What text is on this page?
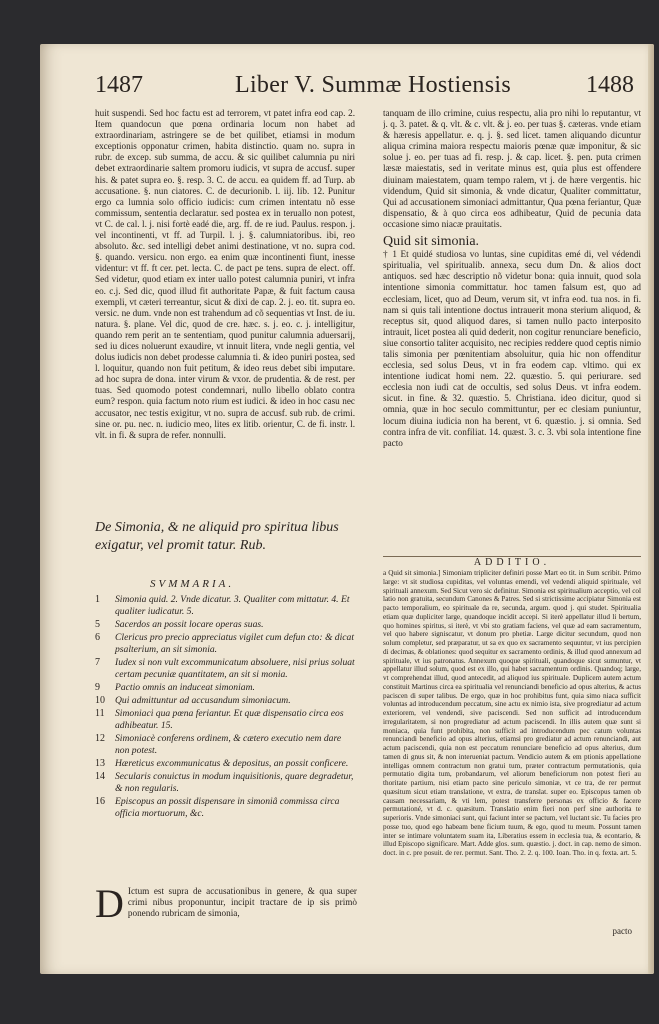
1487	Liber V. Summæ Hostiensis	1488

huit suspendi. Sed hoc factu est ad terrorem, vt patet infra eod cap. 2. Item quandocun que pœna ordinaria locum non habet ad extraordinariam, astringere se de bet quilibet, etiamsi in modum exceptionis opponatur crimen, habita distinctio. quam no. supra in rubr. de excep. sub summa, de accu. & sic quilibet calumnia pu niri debet extraordinarie saltem promoru iudicis, vt supra de accusf. super his. & patet supra eo. §. resp. 3. C. de accu. ea quidem ff. ad Turp. ab accusatione. §. nun ciatores. C. de decurionib. l. iij. lib. 12. Punitur ergo ca lumnia solo officio iudicis: cum crimen intentatu nõ esse commissum, sententia declaratur. sed postea ex in teruallo non potest, vt C. de cal. l. j. nisi fortè eadé die, arg. ff. de re iud. Paulus. respon. j. vel incontinenti, vt ff. ad Turpil. l. j. §. calumniatoribus. ibi, reo absoluto. &c. sed intelligi debet animi destinatione, vt no. supra cod. §. quando. versicu. non ergo. ea enim quæ incontinenti fiunt, inesse videntur: vt ff. ft cer. pet. lecta. C. de pact pe tens. supra de elect. off. Sed videtur, quod etiam ex inter uallo potest calumnia puniri, vt infra eo. c.j. Sed dic, quod illud fit authoritate Papæ, & fuit factum causa exempli, vt cæteri terreantur, sicut & dixi de cap. 2. j. eo. tit. supra eo. versic. ne dum. vnde non est trahendum ad cõ sequentias vt Inst. de iu. natura. §. plane. Vel dic, quod de cre. hæc. s. j. eo. c. j. intelligitur, quando rem perit an te sententiam, quod punitur calumnia aduersarij, sed iu dices noluerunt exaudire, vt innuit litera, vnde negli gentia, vel dolus iudicis non debet prodesse calumnia ti. & ideo puniri postea, sed l. loquitur, quando non fuit petitum, & ideo reus debet sibi imputare. ad hoc supra de dona. inter virum & vxor. de prudentia. & de rest. per tuas. Sed quomodo potest condemnari, nullo libello oblato contra eum? respon. quia factum noto rium est iudici. & ideo in hoc casu nec accusator, nec testis exigitur, vt no. supra de accusf. sub rub. de crimi. sine or. pu. nec. n. iudicio meo, lites ex litib. orientur, C. de fi. instr. l. vlt. in fi. & supra de refer. nonnulli.

tanquam de illo crimine, cuius respectu, alia pro nihi lo reputantur, vt j. q. 3. patet. & q. vlt. & c. vlt. & j. eo. per tuas §. cæteras. vnde etiam & hæresis appellatur. e. q. j. §. sed licet. tamen aliquando dicuntur aliqua crimina maiora respectu maioris pœnæ quæ imponitur, & sic solue j. eo. per tuas ad fi. resp. j. & cap. licet. §. pen. puta crimen læsæ maiestatis, sed in veritate minus est, quia plus est offendere diuinam maiestatem, quam tempo ralem, vt j. de hære vergentis. hic videndum, Quid sit simonia, & vnde dicatur, Qualiter committatur, Qui ad accusationem simoniaci admittantur, Qua pœna feriantur, Quæ dispensatio, & à quo circa eos adhibeatur, Quid de pecunia data occasione simo niacæ prauitatis.

Quid sit simonia.

† 1 Et quidé studiosa vo luntas, sine cupiditas emé di, vel védendi spiritualia, vel spiritualib. annexa, secu dum Dn. & alios doct antiquos. sed hæc descriptio nõ videtur bona: quia innuit, quod sola intentione simonia committatur. hoc tamen falsum est, quo ad ecclesiam, licet, quo ad Deum, verum sit, vt infra eod. tua nos. in fi. nam si quis tali intentione doctus intrauerit mona sterium aliquod, & receptus sit, quod aliquod dares, si tamen nullo pacto interposito intrauit, licet postea ali quid dederit, non cogitur renunciare beneficio, siue consortio taliter acquisito, nec recipies reddere quod ceptis nimio talis simonia per pœnitentiam absoluitur, quia hic non offenditur ecclesia, sed solus Deus, vt in fra eodem cap. vltimo. qui ex intentione iudicat homi nem. 22. quæstio. 5. qui periurare. sed ecclesia non iudi cat de occultis, sed solus Deus. vt infra eodem. sicut. in fine. & 32. quæstio. 5. Christiana. ideo dicitur, quod si omnia, quæ in hoc seculo committuntur, per ec clesiam puniuntur, locum diuina iudicia non ha berent, vt 6. quæstio. j. si omnia. Sed contra infra de vit. confiliat. 14. quæst. 3. c. 3. vbi sola intentione fine pacto

De Simonia, & ne aliquid pro spiritua libus exigatur, vel promit tatur. Rub.
SVMMARIA.
1	Simonia quid. 2. Vnde dicatur. 3. Qualiter com mittatur. 4. Et qualiter iudicatur. 5.
5	Sacerdos an possit locare operas suas.
6	Clericus pro precio appreciatus vigilet cum defun cto: & dicat psalterium, an sit simonia.
7	Iudex si non vult excommunicatum absoluere, nisi prius soluat certam pecuniæ quantitatem, an sit si monia.
9	Pactio omnis an induceat simoniam.
10	Qui admittuntur ad accusandum simoniacum.
11	Simoniaci qua pœna feriantur. Et quæ dispensatio circa eos adhibeatur. 15.
12	Simoniacè conferens ordinem, & cætero executio nem dare non potest.
13	Hæreticus excommunicatus & depositus, an possit conficere.
14	Secularis conuictus in modum inquisitionis, quare degradetur, & non regularis.
16	Episcopus an possit dispensare in simoniâ commissa circa officia mortuorum, &c.
D Ictum est supra de accusationibus in genere, & qua super crimi nibus proponuntur, incipit tractare de ip sis primò ponendo rubricam de simonia,
ADDITIO.
a Quid sit simonia.] Simoniam tripliciter definiri posse Mart eo tit. in Sum scribit. Primo large: vt sit studiosa cupiditas, vel voluntas emendi, vel vedendi aliquid spirituale, vel spirituali annexum. Sed Sicut vero sic definitur. Simonia est spiritualium acceptio, vel col latio non gratuita, secundum Canones & Patres. Sed si strictissime accipiatur Simonia est pacto temporalium, eo spirituale da re, secunda, argum. quod j. qui studet. Spiritualia etiam quæ dupliciter large, quandoque incidit accepi. Si iterè appellatur illud li bertum, quo homines spiritus, si iterè, vt vbi sto gratiam faciens, vel quæ ad eam sacramentum, vel quo habere signiscatur, vt donum pro phetiæ. Large dicitur secundum, quod non solum completur, sed præparatur, ut sa ex quo ex sacramento sequuntur, vt ius percipien di decimas, & oblationes: quod sequitur ex sacramento ordinis, & illud quod annexum ad spirituale, vt ius patronatus. Annexum quoque spirituali, quandoque sicut sumuntur, vt appellatur illud solum, quod est ex illo, qui habet sacramentum ordinis. Quandoq; large, vt comprehendat illud, quod antecedit, ad aliquod ius spirituale. Duplicem autem actum constituit Martinus circa ea spiritualia vel renunciandi beneficio ad opus alterius, & actus paciscen di super talibus. De ergo, quæ in hoc prohibitus funt, quia simo niaca sufficit voluntas ad introducendum peccatum, sine actu ex nimio ista, sive progrediatur ad actum exteriorem, vel vendendi, sive paciscendi. Sed non sufficit ad introducendum irregularitatem, si non progrediatur ad actum paciscendi. In illis autem quæ sunt si moniaca, quia funt prohibita, non sufficit ad introducendum pec catum voluntas renunciandi beneficio ad opus alterius, etiamsi pro grediatur ad actum renunciandi, aut actum paciscendi, quia non est peccatum renunciare beneficio ad opus alterius, dum tamen di gnus sit, & non interueniat pactum. Vendicio autem & em ptionis appellatione intelligas omnem contractum non gratui tum, præter contractum permutationis, quia permutatio digita tum, probandarum, vel aliorum beneficiorum non potest fieri au thoritate partium, nisi etiam pacto sine periculo simoniæ, vt ce tra, de rer permut quæsitum sicut etiam translatione, vt extra, de translat. super eo. Episcopus tamen ob causam necessariam, & vti lem, potest transferre personas ex officio & facere permutationé, vt d. c. quæsitum. Translatio enim fieri non perf sine authorita te superioris. Vnde simoniaci sunt, qui faciunt inter se pactum, vel luctant sic. Tu facies pro posse tuo, quod ego habeam bene ficium tuum, & ego, quod tu meum. Possunt tamen inter se intimare voluntatem suam ita, Liberatius essem in ecclesia tua, & econtario, & illud Episcopo significare. Mart. Adde glos. sum. quæstio. j. doct. in cap. nemo de simon. doct. in c. pre posuit. de rer. permut. Sant. Tho. 2. 2. q. 100. Ioan. Tho. in q. fexta. art. 5.
pacto
